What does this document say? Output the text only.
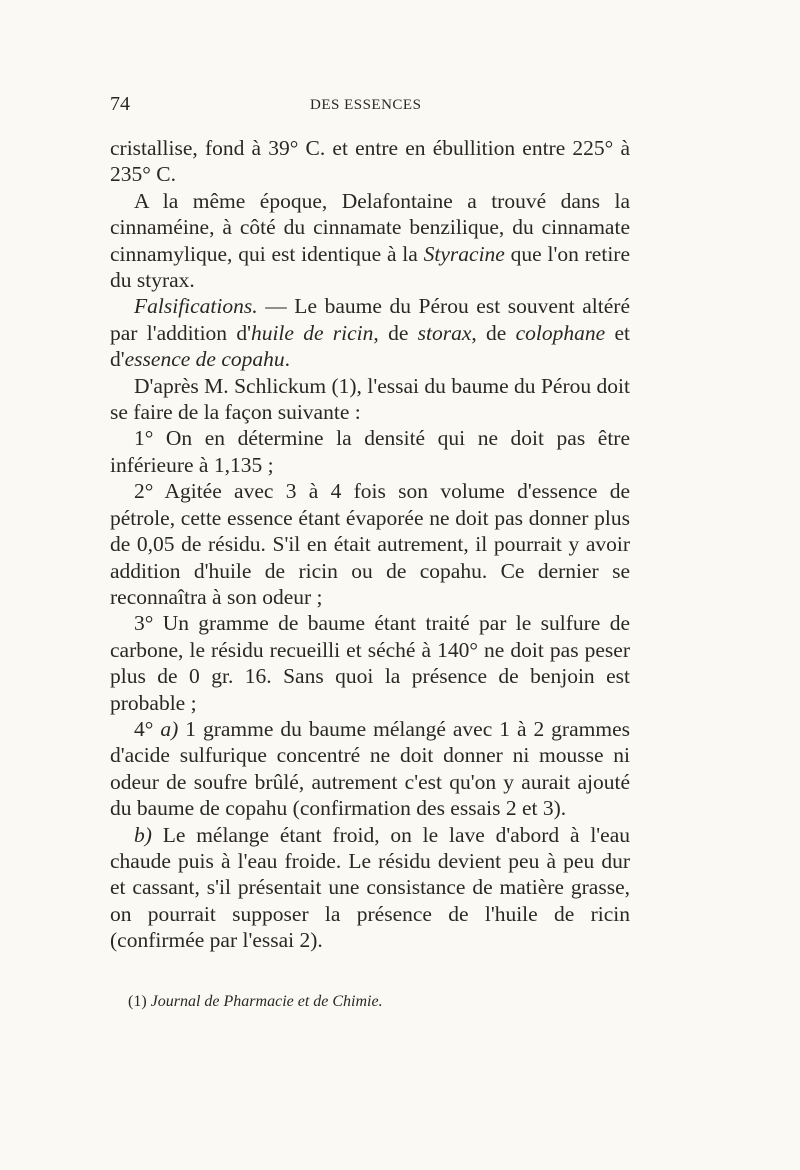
74	DES ESSENCES

cristallise, fond à 39° C. et entre en ébullition entre 225° à 235° C.

A la même époque, Delafontaine a trouvé dans la cinnaméine, à côté du cinnamate benzilique, du cinnamate cinnamylique, qui est identique à la Styracine que l'on retire du styrax.

Falsifications. — Le baume du Pérou est souvent altéré par l'addition d'huile de ricin, de storax, de colophane et d'essence de copahu.

D'après M. Schlickum (1), l'essai du baume du Pérou doit se faire de la façon suivante :

1° On en détermine la densité qui ne doit pas être inférieure à 1,135 ;

2° Agitée avec 3 à 4 fois son volume d'essence de pétrole, cette essence étant évaporée ne doit pas donner plus de 0,05 de résidu. S'il en était autrement, il pourrait y avoir addition d'huile de ricin ou de copahu. Ce dernier se reconnaîtra à son odeur ;

3° Un gramme de baume étant traité par le sulfure de carbone, le résidu recueilli et séché à 140° ne doit pas peser plus de 0 gr. 16. Sans quoi la présence de benjoin est probable ;

4° a) 1 gramme du baume mélangé avec 1 à 2 grammes d'acide sulfurique concentré ne doit donner ni mousse ni odeur de soufre brûlé, autrement c'est qu'on y aurait ajouté du baume de copahu (confirmation des essais 2 et 3).

b) Le mélange étant froid, on le lave d'abord à l'eau chaude puis à l'eau froide. Le résidu devient peu à peu dur et cassant, s'il présentait une consistance de matière grasse, on pourrait supposer la présence de l'huile de ricin (confirmée par l'essai 2).

(1) Journal de Pharmacie et de Chimie.
